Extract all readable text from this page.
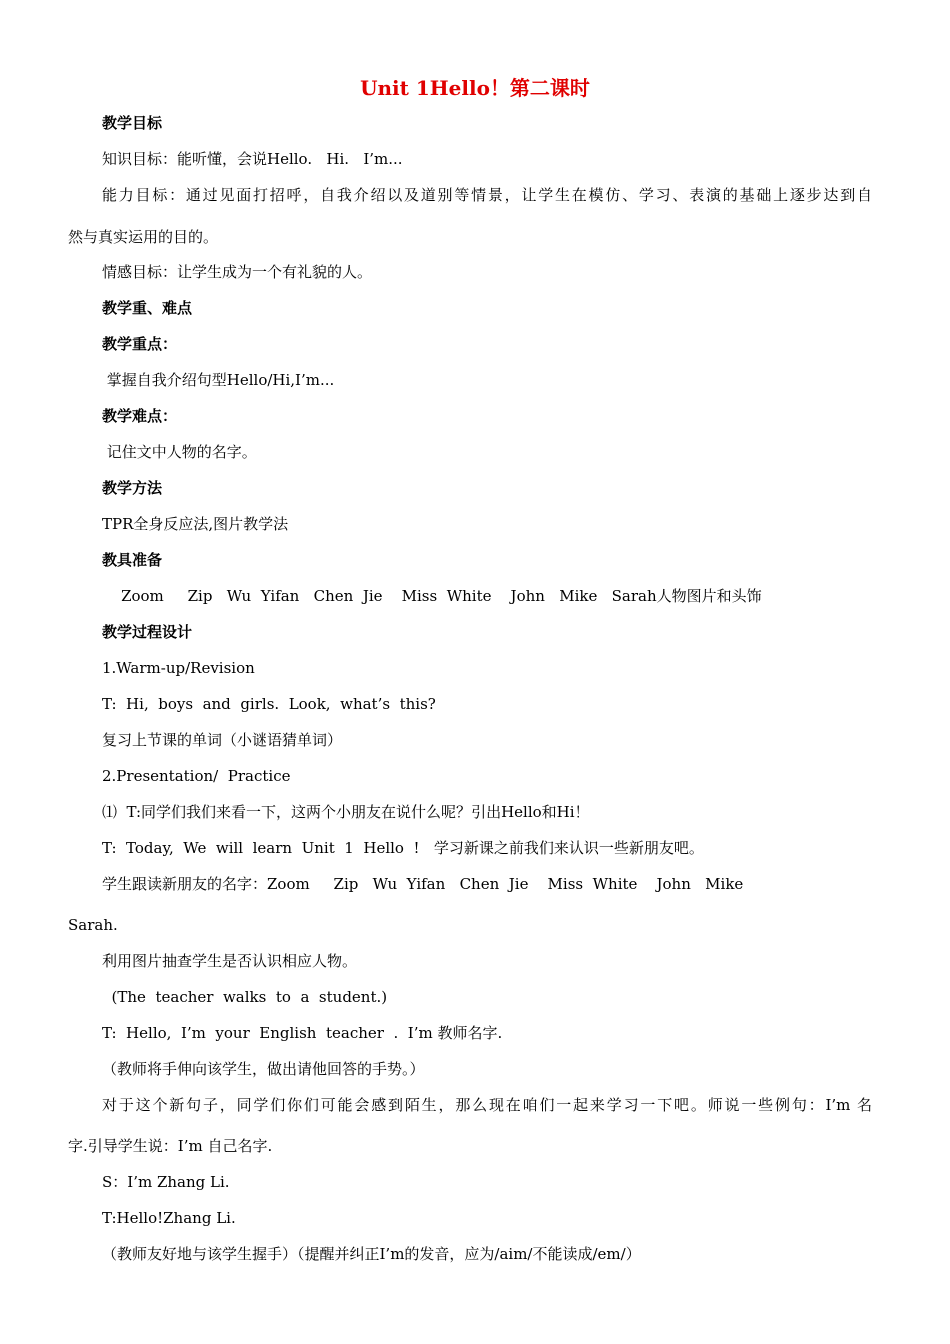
Unit 1Hello！第二课时
教学目标
知识目标：能听懂，会说Hello.   Hi.   I’m...
能力目标：通过见面打招呼，自我介绍以及道别等情景，让学生在模仿、学习、表演的基础上逐步达到自
然与真实运用的目的。
情感目标：让学生成为一个有礼貌的人。
教学重、难点
教学重点：
掌握自我介绍句型Hello/Hi,I’m...
教学难点：
记住文中人物的名字。
教学方法
TPR全身反应法,图片教学法
教具准备
Zoom     Zip   Wu  Yifan   Chen  Jie    Miss  White    John   Mike   Sarah人物图片和头饰
教学过程设计
1.Warm-up/Revision
T:  Hi,  boys  and  girls.  Look,  what’s  this?
复习上节课的单词（小谜语猜单词）
2.Presentation/  Practice
⑴  T:同学们我们来看一下，这两个小朋友在说什么呢？引出Hello和Hi！
T:  Today,  We  will  learn  Unit  1  Hello  !   学习新课之前我们来认识一些新朋友吧。
学生跟读新朋友的名字：Zoom     Zip   Wu  Yifan   Chen  Jie    Miss  White    John   Mike
Sarah.
利用图片抽查学生是否认识相应人物。
(The  teacher  walks  to  a  student.)
T:  Hello,  I’m  your  English  teacher  .  I’m 教师名字.
（教师将手伸向该学生，做出请他回答的手势。）
对于这个新句子，同学们你们可能会感到陌生，那么现在咱们一起来学习一下吧。师说一些例句：I’m 名
字.引导学生说：I’m 自己名字.
S：I’m Zhang Li.
T:Hello!Zhang Li.
（教师友好地与该学生握手）（提醒并纠正I’m的发音，应为/aim/不能读成/em/）
